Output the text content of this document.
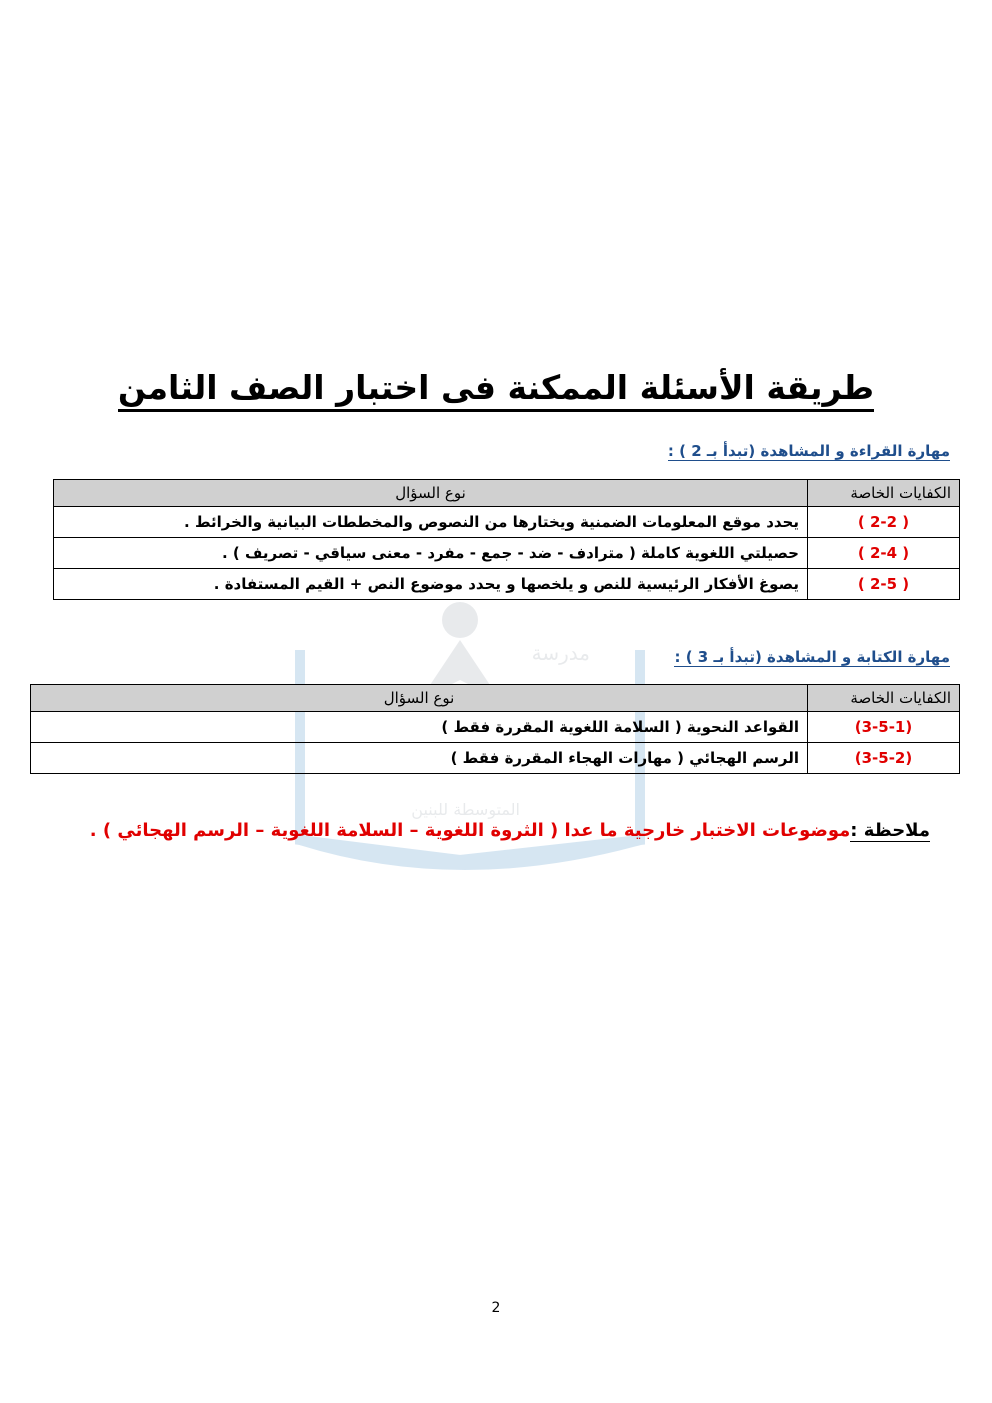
مدرسة
المتوسطة للبنين
طريقة الأسئلة الممكنة فى اختبار الصف الثامن
مهارة القراءة و المشاهدة (تبدأ بـ 2 ) :
الكفايات الخاصة	نوع السؤال
( 2-2 )	يحدد موقع المعلومات الضمنية ويختارها من النصوص والمخططات البيانية والخرائط .
( 2-4 )	حصيلتي اللغوية كاملة ( مترادف - ضد - جمع - مفرد - معنى سياقي - تصريف ) .
( 2-5 )	يصوغ الأفكار الرئيسية للنص و يلخصها و يحدد موضوع النص + القيم المستفادة .
مهارة الكتابة و المشاهدة (تبدأ بـ 3 ) :
الكفايات الخاصة	نوع السؤال
(3-5-1)	القواعد النحوية ( السلامة اللغوية المقررة فقط )
(3-5-2)	الرسم الهجائي ( مهارات الهجاء المقررة فقط )
ملاحظة :موضوعات الاختبار خارجية ما عدا ( الثروة اللغوية – السلامة اللغوية – الرسم الهجائي ) .
2
